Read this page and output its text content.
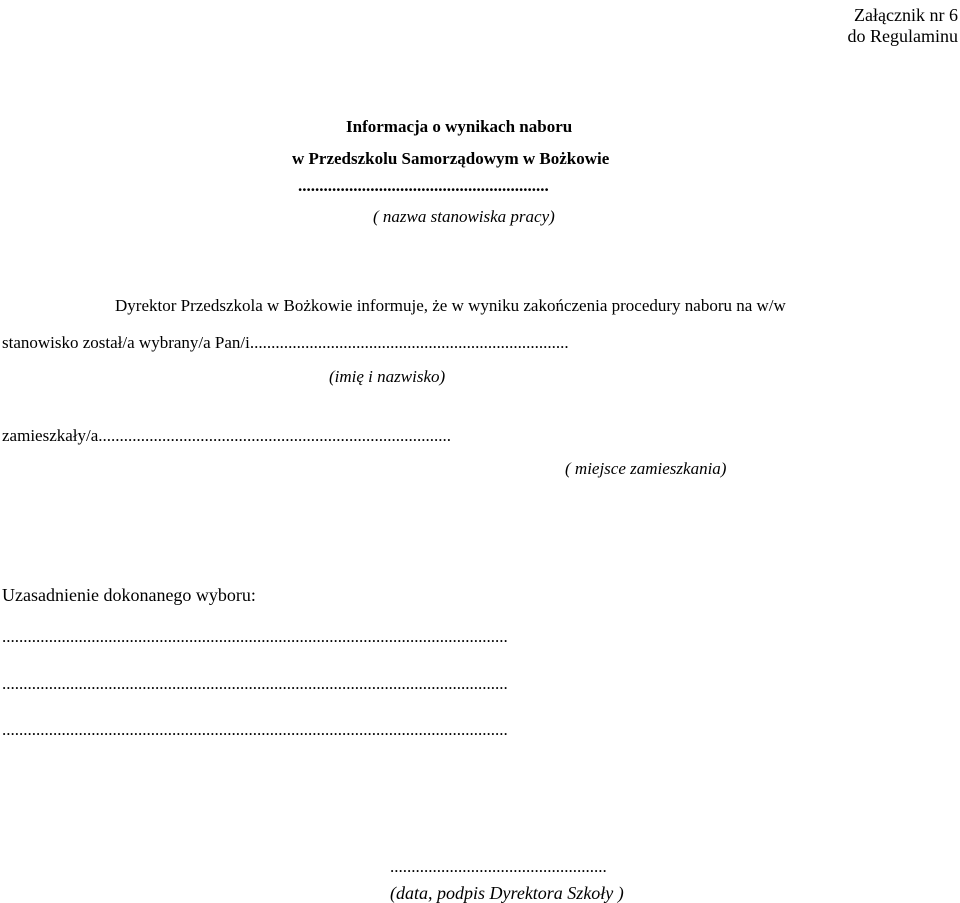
Załącznik nr 6
do Regulaminu
Informacja o wynikach naboru
w Przedszkolu Samorządowym w Bożkowie
...........................................................
( nazwa stanowiska pracy)
Dyrektor Przedszkola w Bożkowie informuje, że w wyniku zakończenia procedury naboru na w/w
stanowisko został/a wybrany/a Pan/i...........................................................................
(imię i nazwisko)
zamieszkały/a...................................................................................
( miejsce zamieszkania)
Uzasadnienie dokonanego wyboru:
.......................................................................................................................
.......................................................................................................................
.......................................................................................................................
...................................................
(data, podpis Dyrektora Szkoły )
